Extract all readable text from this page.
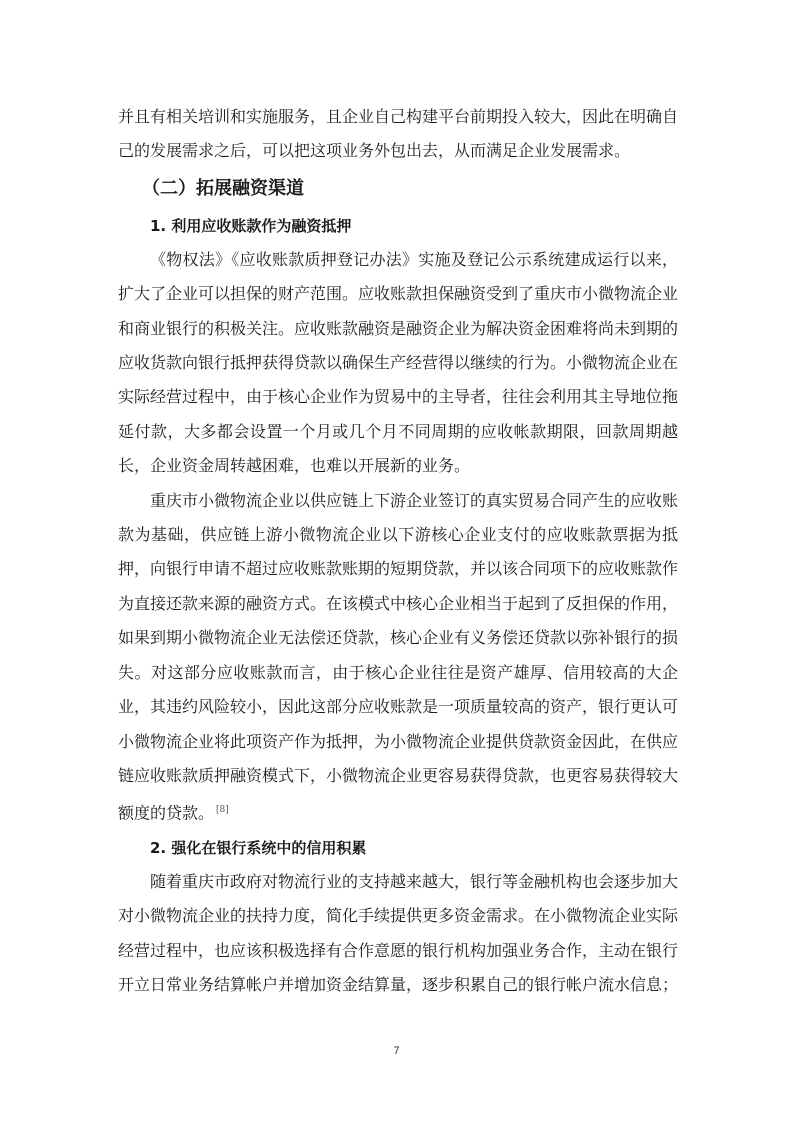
并且有相关培训和实施服务，且企业自己构建平台前期投入较大，因此在明确自己的发展需求之后，可以把这项业务外包出去，从而满足企业发展需求。

（二）拓展融资渠道
1. 利用应收账款作为融资抵押

《物权法》《应收账款质押登记办法》实施及登记公示系统建成运行以来，扩大了企业可以担保的财产范围。应收账款担保融资受到了重庆市小微物流企业和商业银行的积极关注。应收账款融资是融资企业为解决资金困难将尚未到期的应收货款向银行抵押获得贷款以确保生产经营得以继续的行为。小微物流企业在实际经营过程中，由于核心企业作为贸易中的主导者，往往会利用其主导地位拖延付款，大多都会设置一个月或几个月不同周期的应收帐款期限，回款周期越长，企业资金周转越困难，也难以开展新的业务。

重庆市小微物流企业以供应链上下游企业签订的真实贸易合同产生的应收账款为基础，供应链上游小微物流企业以下游核心企业支付的应收账款票据为抵押，向银行申请不超过应收账款账期的短期贷款，并以该合同项下的应收账款作为直接还款来源的融资方式。在该模式中核心企业相当于起到了反担保的作用，如果到期小微物流企业无法偿还贷款，核心企业有义务偿还贷款以弥补银行的损失。对这部分应收账款而言，由于核心企业往往是资产雄厚、信用较高的大企业，其违约风险较小，因此这部分应收账款是一项质量较高的资产，银行更认可小微物流企业将此项资产作为抵押，为小微物流企业提供贷款资金因此，在供应链应收账款质押融资模式下，小微物流企业更容易获得贷款，也更容易获得较大额度的贷款。 [8]

2. 强化在银行系统中的信用积累

随着重庆市政府对物流行业的支持越来越大，银行等金融机构也会逐步加大对小微物流企业的扶持力度，简化手续提供更多资金需求。在小微物流企业实际经营过程中，也应该积极选择有合作意愿的银行机构加强业务合作，主动在银行开立日常业务结算帐户并增加资金结算量，逐步积累自己的银行帐户流水信息；

7
